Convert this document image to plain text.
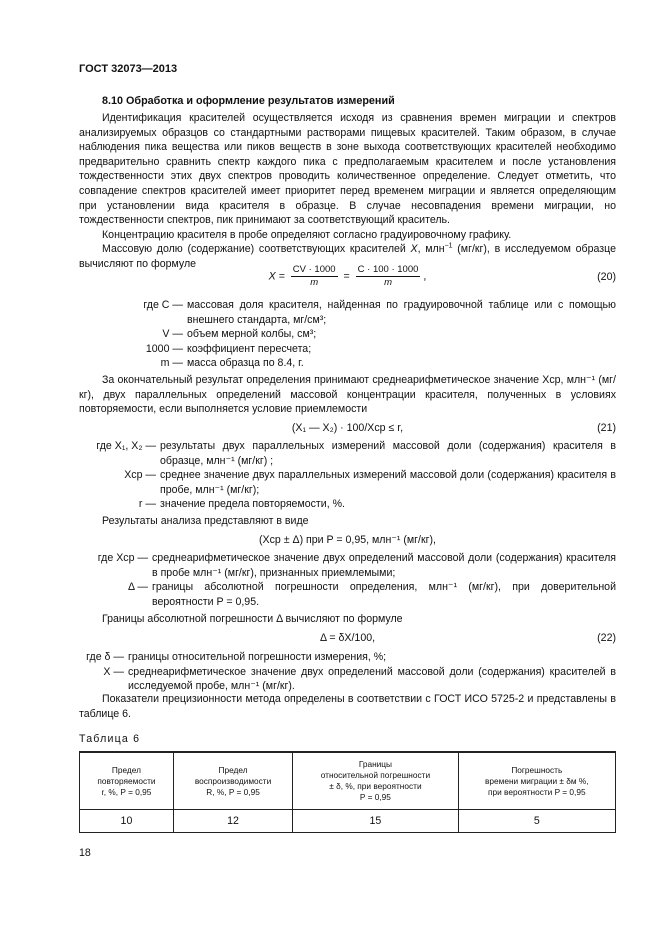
ГОСТ 32073—2013
8.10 Обработка и оформление результатов измерений
Идентификация красителей осуществляется исходя из сравнения времен миграции и спектров анализируемых образцов со стандартными растворами пищевых красителей. Таким образом, в случае наблюдения пика вещества или пиков веществ в зоне выхода соответствующих красителей необходимо предварительно сравнить спектр каждого пика с предполагаемым красителем и после установления тождественности этих двух спектров проводить количественное определение. Следует отметить, что совпадение спектров красителей имеет приоритет перед временем миграции и является определяющим при установлении вида красителя в образце. В случае несовпадения времени миграции, но тождественности спектров, пик принимают за соответствующий краситель.
Концентрацию красителя в пробе определяют согласно градуировочному графику.
Массовую долю (содержание) соответствующих красителей X, млн$^{-1}$ (мг/кг), в исследуемом образце вычисляют по формуле
$X = \frac{CV \cdot 1000}{m} = \frac{C \cdot 100 \cdot 1000}{m}$ ,	(20)
где C — массовая доля красителя, найденная по градуировочной таблице или с помощью внешнего стандарта, мг/см³;
V — объем мерной колбы, см³;
1000 — коэффициент пересчета;
m — масса образца по 8.4, г.
За окончательный результат определения принимают среднеарифметическое значение Xср, млн⁻¹ (мг/кг), двух параллельных определений массовой концентрации красителя, полученных в условиях повторяемости, если выполняется условие приемлемости
(X₁ — X₂) · 100/Xср ≤ r,	(21)
где X₁, X₂ — результаты двух параллельных измерений массовой доли (содержания) красителя в образце, млн⁻¹ (мг/кг) ;
Xср — среднее значение двух параллельных измерений массовой доли (содержания) красителя в пробе, млн⁻¹ (мг/кг);
r — значение предела повторяемости, %.
Результаты анализа представляют в виде
(Xср ± Δ) при P = 0,95, млн⁻¹ (мг/кг),
где Xср — среднеарифметическое значение двух определений массовой доли (содержания) красителя в пробе млн⁻¹ (мг/кг), признанных приемлемыми;
Δ — границы абсолютной погрешности определения, млн⁻¹ (мг/кг), при доверительной вероятности P = 0,95.
Границы абсолютной погрешности Δ вычисляют по формуле
Δ = δX/100,	(22)
где δ — границы относительной погрешности измерения, %;
X — среднеарифметическое значение двух определений массовой доли (содержания) красителей в исследуемой пробе, млн⁻¹ (мг/кг).
Показатели прецизионности метода определены в соответствии с ГОСТ ИСО 5725-2 и представлены в таблице 6.
Таблица 6
Предел
повторяемости
r, %, P = 0,95	Предел
воспроизводимости
R, %, P = 0,95	Границы
относительной погрешности
± δ, %, при вероятности
P = 0,95	Погрешность
времени миграции ± δм %,
при вероятности P = 0,95

10	12	15	5
18
